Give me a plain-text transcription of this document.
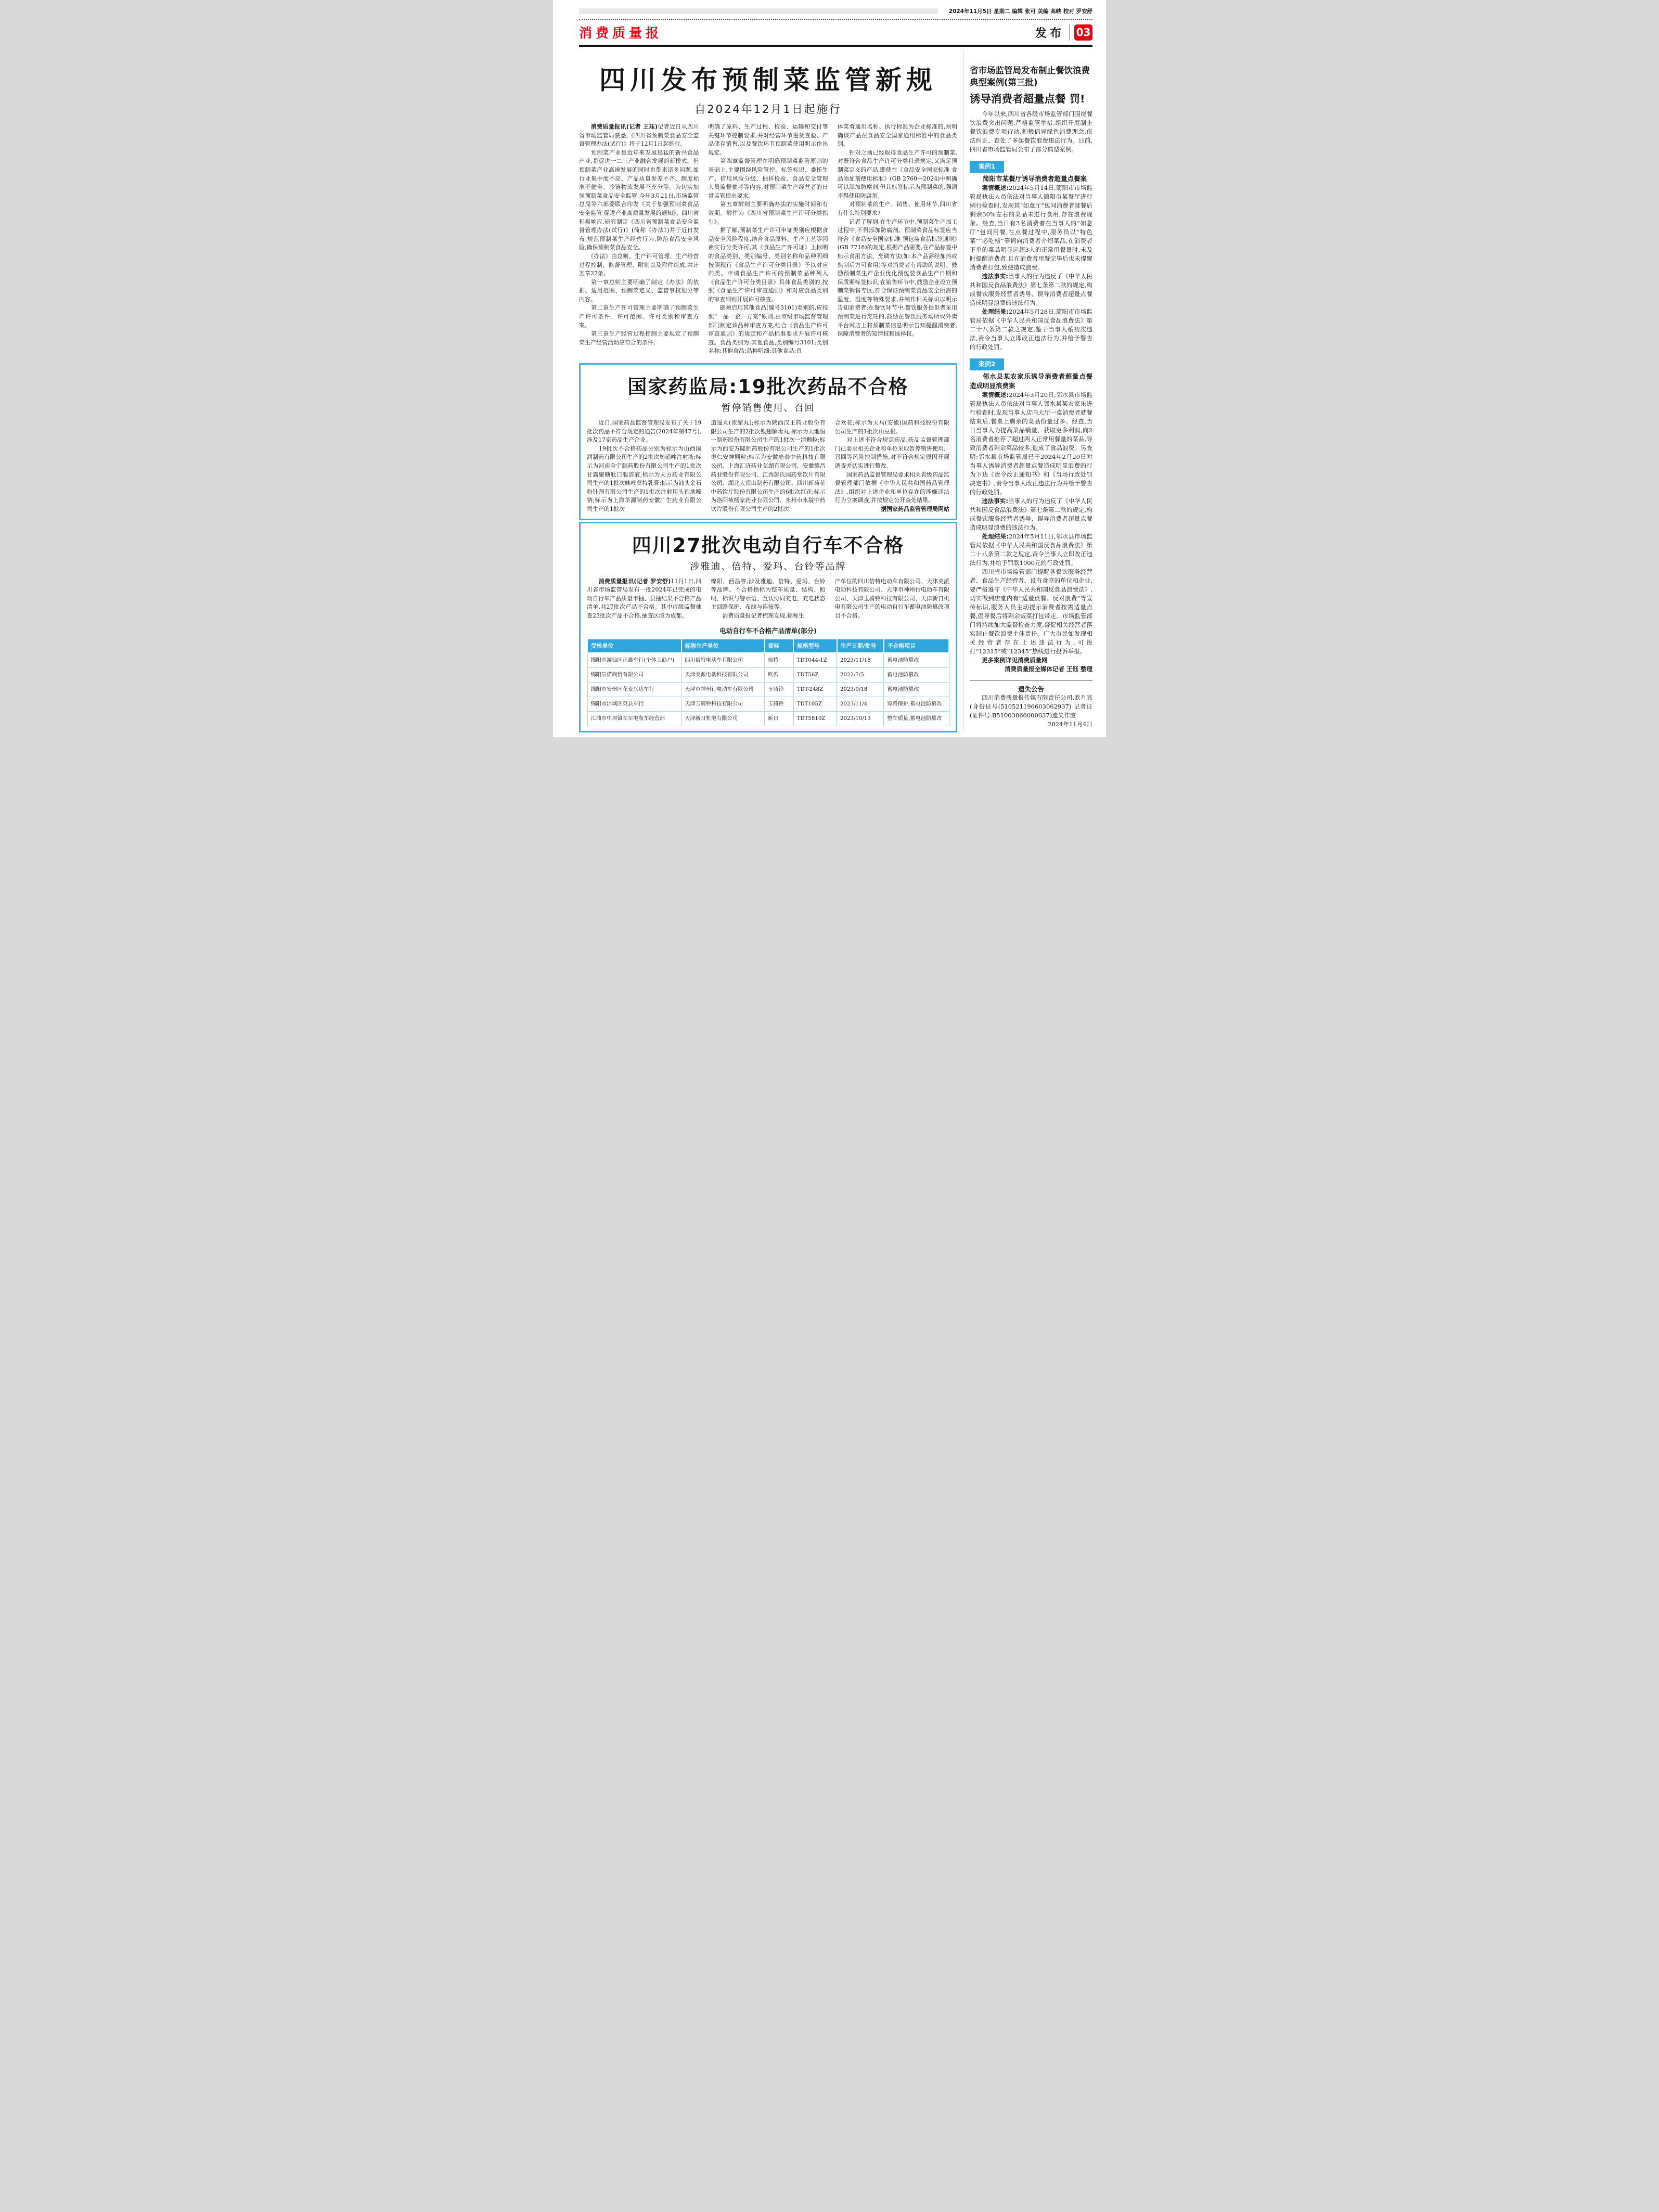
2024年11月5日 星期二 编辑 张可 美编 高峡 校对 罗安舒
消费质量报	发布 03
四川发布预制菜监管新规
自2024年12月1日起施行

　　消费质量报讯(记者 王珏)记者近日从四川省市场监管局获悉,《四川省预制菜食品安全监督管理办法(试行)》将于12月1日起施行。

　　预制菜产业是近年来发展迅猛的新兴食品产业,是促进一二三产业融合发展的新模式。但预制菜产业高速发展的同时也带来诸多问题,如行业集中度不高、产品质量参差不齐、制度标准不健全、冷链物流发展不充分等。为切实加强预制菜食品安全监管,今年3月21日,市场监管总局等六部委联合印发《关于加强预制菜食品安全监管 促进产业高质量发展的通知》。四川省积极响应,研究制定《四川省预制菜食品安全监督管理办法(试行)》(简称《办法》)并于近日发布,规范预制菜生产经营行为,防范食品安全风险,确保预制菜食品安全。

　　《办法》由总则、生产许可管理、生产经营过程控制、监督管理、附则以及附件组成,共计五章27条。

　　第一章总则主要明确了制定《办法》的依据、适用范围、预制菜定义、监管事权划分等内容。

　　第二章生产许可管理主要明确了预制菜生产许可条件、许可范围、许可类别和审查方案。

　　第三章生产经营过程控制主要规定了预制菜生产经营活动应符合的条件,

明确了原料、生产过程、检验、运输和交付等关键环节控制要求,并对经营环节进货查验、产品储存销售,以及餐饮环节预制菜使用明示作出规定。

　　第四章监督管理在明确预制菜监管原则的基础上,主要围绕风险管控、标签标识、委托生产、信用风险分级、抽样检验、食品安全管理人员监督抽考等内容,对预制菜生产经营者的日常监管提出要求。

　　第五章附则主要明确办法的实施时间和有效期。附件为《四川省预制菜生产许可分类指引》。

　　据了解,预制菜生产许可申证类别应根据食品安全风险程度,结合食品原料、生产工艺等因素实行分类许可,其《食品生产许可证》上标明的食品类别、类别编号、类别名称和品种明细按照现行《食品生产许可分类目录》予以对应归类。申请食品生产许可的预制菜品种列入《食品生产许可分类目录》具体食品类别的,按照《食品生产许可审查通则》和对应食品类别的审查细则开展许可核查。

　　确须启用其他食品(编号3101)类别的,应按照“一品一企一方案”原则,由市级市场监督管理部门制定该品种审查方案,结合《食品生产许可审查通则》的规定和产品标准要求开展许可核查。食品类别为:其他食品,类别编号3101;类别名称:其他食品;品种明细:其他食品:具

体菜肴通用名称。执行标准为企业标准的,须明确该产品在食品安全国家通用标准中的食品类别。

　　针对之前已经取得食品生产许可的预制菜,对既符合食品生产许可分类目录规定,又满足预制菜定义的产品,即使在《食品安全国家标准 食品添加剂使用标准》(GB 2760—2024)中明确可以添加防腐剂,但其标签标示为预制菜的,强调不得使用防腐剂。

　　对预制菜的生产、销售、使用环节,四川省有什么特别要求?

　　记者了解到,在生产环节中,预制菜生产加工过程中,不得添加防腐剂。预制菜食品标签应当符合《食品安全国家标准 预包装食品标签通则》(GB 7718)的规定,根据产品需要,在产品标签中标示食用方法、烹调方法(如:本产品需经加热或熟制后方可食用)等对消费者有帮助的说明。鼓励预制菜生产企业优化预包装食品生产日期和保质期标签标识;在销售环节中,鼓励企业设立预制菜销售专区,符合保证预制菜食品安全所需的温度、湿度等特殊要求,并制作相关标识以明示告知消费者;在餐饮环节中,餐饮服务提供者采用预制菜进行烹饪的,鼓励在餐饮服务场所或外卖平台网店上将预制菜信息明示告知提醒消费者,保障消费者的知情权和选择权。

国家药监局:19批次药品不合格
暂停销售使用、召回

　　近日,国家药品监督管理局发布了关于19批次药品不符合规定的通告(2024年第47号),涉及17家药品生产企业。

　　19批次不合格药品分别为标示为山西国润制药有限公司生产的2批次奥硝唑注射液;标示为河南全宇制药股份有限公司生产的1批次甘露聚糖肽口服溶液;标示为天方药业有限公司生产的1批次咪喹莫特乳膏;标示为汕头金石粉针剂有限公司生产的1批次注射用头孢地嗪钠;标示为上海华源制药安徽广生药业有限公司生产的1批次

逍遥丸(浓缩丸);标示为陕西汉王药业股份有限公司生产的2批次银翘解毒丸;标示为天地恒一制药股份有限公司生产的1批次一清颗粒;标示为西安万隆制药股份有限公司生产的1批次枣仁安神颗粒;标示为安徽亳泰中药科技有限公司、上海汇济药业芜湖有限公司、安徽德昌药业股份有限公司、江西彭氏国药堂饮片有限公司、湖北大顶山制药有限公司、四川新荷花中药饮片股份有限公司生产的6批次红花;标示为洛阳祯杨家药业有限公司、永州市永靛中药饮片股份有限公司生产的2批次

合欢花;标示为天马(安徽)国药科技股份有限公司生产的1批次山豆根。

　　对上述不符合规定药品,药品监督管理部门已要求相关企业和单位采取暂停销售使用、召回等风险控制措施,对不符合规定原因开展调查并切实进行整改。

　　国家药品监督管理局要求相关省级药品监督管理部门依据《中华人民共和国药品管理法》,组织对上述企业和单位存在的涉嫌违法行为立案调查,并按规定公开查处结果。

据国家药品监管管理局网站

四川27批次电动自行车不合格
涉雅迪、倍特、爱玛、台铃等品牌

　　消费质量报讯(记者 罗安舒)11月1日,四川省市场监管局发布一批2024年已完成的电动自行车产品质量市抽、县抽结果不合格产品清单,共27批次产品不合格。其中市级监督抽查23批次产品不合格,抽查区域为成都、

绵阳、西昌等,涉及雅迪、倍特、爱玛、台铃等品牌。不合格指标为整车质量、结构、照明、标识与警示语、互认协同充电、充电状态主回路保护、布线与连接等。

　　消费质量报记者梳理发现,标称生

产单位的四川倍特电动车有限公司、天津美派电动科技有限公司、天津市神州行电动车有限公司、天津玉骑铃科技有限公司、天津新日机电有限公司生产的电动自行车蓄电池防篡改项目不合格。

电动自行车不合格产品清单(部分)
受检单位	标称生产单位	商标	规格型号	生产日期/批号	不合格项目
绵阳市游仙区正鑫车行(个体工商户)	四川倍特电动车有限公司	倍特	TDT044-1Z	2023/11/18	蓄电池防篡改
绵阳辰偌商贸有限公司	天津美派电动科技有限公司	欧派	TDT56Z	2022/7/5	蓄电池防篡改
绵阳市安州区花麦兴达车行	天津市神州行电动车有限公司	玉骑铃	TDT-248Z	2023/9/18	蓄电池防篡改
绵阳市涪城区英县车行	天津玉骑铃科技有限公司	玉骑铃	TDT105Z	2023/11/4	短路保护,蓄电池防篡改
江油市中坝镇军军电瓶车经营部	天津新日机电有限公司	新日	TDT5810Z	2023/10/13	整车质量,蓄电池防篡改
省市场监管局发布制止餐饮浪费典型案例(第三批)
诱导消费者超量点餐 罚!

　　今年以来,四川省各级市场监管部门围绕餐饮浪费突出问题,严格监管举措,组织开展制止餐饮浪费专项行动,积极倡导绿色消费理念,依法纠正、查处了多起餐饮浪费违法行为。日前,四川省市场监管局公布了部分典型案例。

案例1

简阳市某餐厅诱导消费者超量点餐案

　　案情概述:2024年5月14日,简阳市市场监管局执法人员依法对当事人简阳市某餐厅进行例行检查时,发现其“如意厅”包间消费者就餐后剩余30%左右的菜品未进行食用,存在浪费现象。经查,当日有3名消费者在当事人的“如意厅”包间用餐,在点餐过程中,服务员以“特色菜”“必吃榜”等词向消费者介绍菜品,在消费者下单的菜品明显远超3人的正常用餐量时,未及时提醒消费者,且在消费者用餐完毕后也未提醒消费者打包,致使造成浪费。

　　违法事实:当事人的行为违反了《中华人民共和国反食品浪费法》第七条第二款的规定,构成餐饮服务经营者诱导、误导消费者超量点餐造成明显浪费的违法行为。

　　处理结果:2024年5月28日,简阳市市场监管局依据《中华人民共和国反食品浪费法》第二十八条第二款之规定,鉴于当事人系初次违法,责令当事人立即改正违法行为,并给予警告的行政处罚。

案例2

邻水县某农家乐诱导消费者超量点餐造成明显浪费案

　　案情概述:2024年3月20日,邻水县市场监管局执法人员依法对当事人邻水县某农家乐进行检查时,发现当事人店内大厅一桌消费者就餐结束后,餐桌上剩余的菜品份量过多。经查,当日当事人为提高菜品销量、获取更多利润,向2名消费者推荐了超过两人正常用餐量的菜品,导致消费者剩余菜品较多,造成了食品浪费。另查明:邻水县市场监管局已于2024年2月20日对当事人诱导消费者超量点餐造成明显浪费的行为下达《责令改正通知书》和《当场行政处罚决定书》,责令当事人改正违法行为并给予警告的行政处罚。

　　违法事实:当事人的行为违反了《中华人民共和国反食品浪费法》第七条第二款的规定,构成餐饮服务经营者诱导、误导消费者超量点餐造成明显浪费的违法行为。

　　处理结果:2024年5月11日,邻水县市场监管局依据《中华人民共和国反食品浪费法》第二十八条第二款之规定,责令当事人立即改正违法行为,并给予罚款1000元的行政处罚。

　　四川省市场监管部门提醒各餐饮服务经营者、食品生产经营者、设有食堂的单位和企业,要严格遵守《中华人民共和国反食品浪费法》,切实做到店堂内有“适量点餐、反对浪费”等宣传标识,服务人员主动提示消费者按需适量点餐,倡导餐后将剩余饭菜打包带走。市场监管部门将持续加大监督检查力度,督促相关经营者落实制止餐饮浪费主体责任。广大市民如发现相关经营者存在上述违法行为,可拨打“12315”或“12345”热线进行投诉举报。

更多案例详见消费质量网

消费质量报全媒体记者 王钰 整理

遗失公告

　　四川消费质量报传媒有限责任公司,欧月宾(身份证号(510521196603062937) 记者证(证件号:B51003866000037)遗失作废

2024年11月4日
